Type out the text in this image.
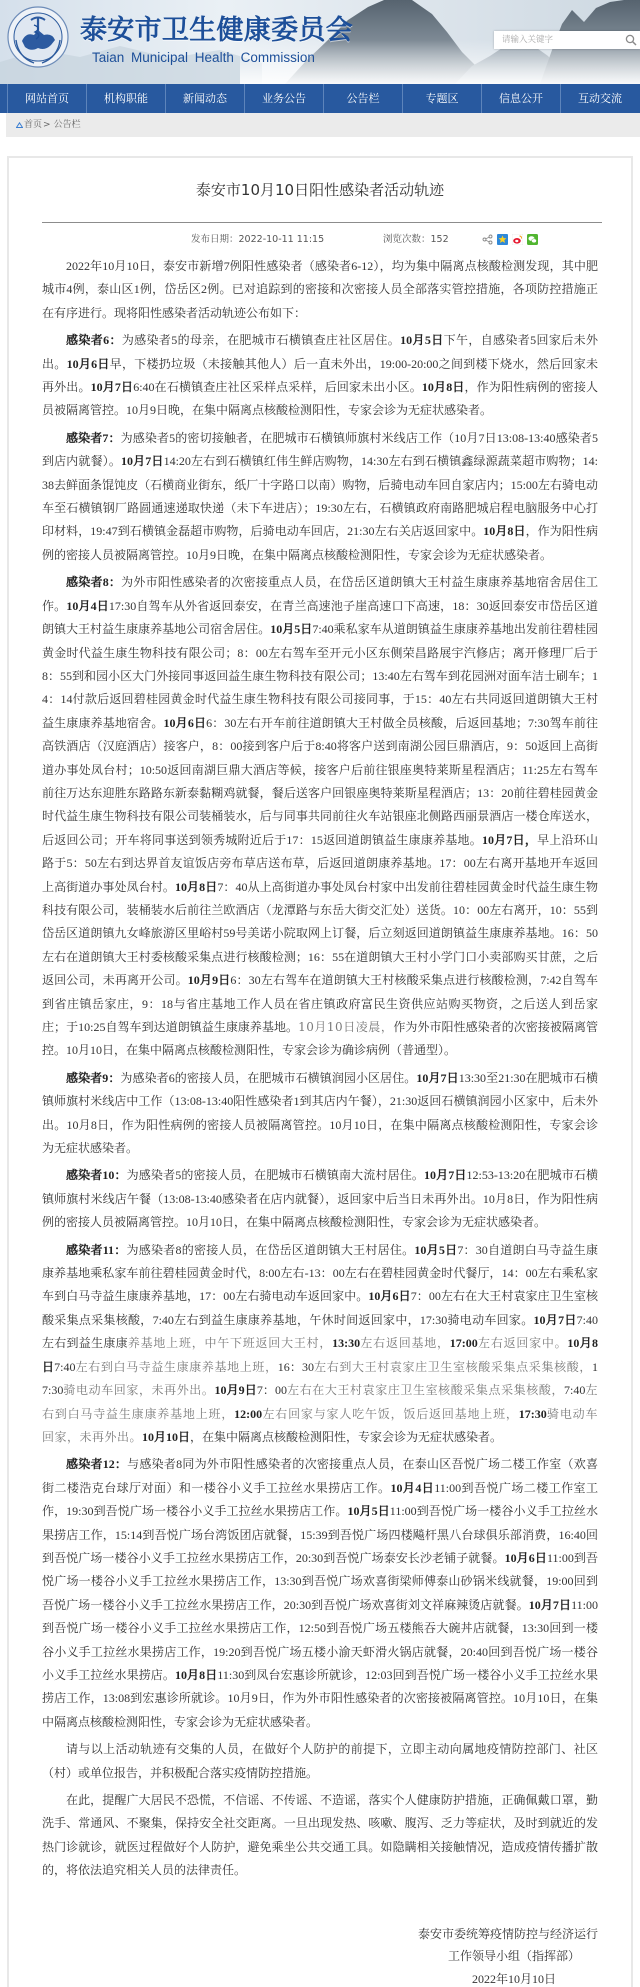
泰安市卫生健康委员会
Taian Municipal Health Commission
请输入关键字
网站首页	机构职能	新闻动态	业务公告	公告栏	专题区	信息公开	互动交流
首页 > 公告栏
泰安市10月10日阳性感染者活动轨迹
发布日期：2022-10-11 11:15	浏览次数：152

2022年10月10日，泰安市新增7例阳性感染者（感染者6-12），均为集中隔离点核酸检测发现，其中肥城市4例，泰山区1例，岱岳区2例。已对追踪到的密接和次密接人员全部落实管控措施，各项防控措施正在有序进行。现将阳性感染者活动轨迹公布如下：

感染者6：为感染者5的母亲，在肥城市石横镇查庄社区居住。10月5日下午，自感染者5回家后未外出。10月6日早，下楼扔垃圾（未接触其他人）后一直未外出，19:00-20:00之间到楼下烧水，然后回家未再外出。10月7日6:40在石横镇查庄社区采样点采样，后回家未出小区。10月8日，作为阳性病例的密接人员被隔离管控。10月9日晚，在集中隔离点核酸检测阳性，专家会诊为无症状感染者。

感染者7：为感染者5的密切接触者，在肥城市石横镇师旗村米线店工作（10月7日13:08-13:40感染者5到店内就餐）。10月7日14:20左右到石横镇红伟生鲜店购物，14:30左右到石横镇鑫绿源蔬菜超市购物；14:38去鲜面条馄饨皮（石横商业街东，纸厂十字路口以南）购物，后骑电动车回自家店内；15:00左右骑电动车至石横镇钢厂路圆通速递取快递（未下车进店）；19:30左右，石横镇政府南路肥城启程电脑服务中心打印材料，19:47到石横镇金磊超市购物，后骑电动车回店，21:30左右关店返回家中。10月8日，作为阳性病例的密接人员被隔离管控。10月9日晚，在集中隔离点核酸检测阳性，专家会诊为无症状感染者。

感染者8：为外市阳性感染者的次密接重点人员，在岱岳区道朗镇大王村益生康康养基地宿舍居住工作。10月4日17:30自驾车从外省返回泰安，在青兰高速池子崖高速口下高速，18：30返回泰安市岱岳区道朗镇大王村益生康康养基地公司宿舍居住。10月5日7:40乘私家车从道朗镇益生康康养基地出发前往碧桂园黄金时代益生康生物科技有限公司；8：00左右驾车至开元小区东侧荣昌路展宇汽修店；离开修理厂后于8：55到和园小区大门外接同事返回益生康生物科技有限公司；13:40左右驾车到花园洲对面车洁士刷车；14：14付款后返回碧桂园黄金时代益生康生物科技有限公司接同事，于15：40左右共同返回道朗镇大王村益生康康养基地宿舍。10月6日6：30左右开车前往道朗镇大王村做全员核酸，后返回基地；7:30驾车前往高铁酒店（汉庭酒店）接客户，8：00接到客户后于8:40将客户送到南湖公园巨鼎酒店，9：50返回上高街道办事处凤台村；10:50返回南湖巨鼎大酒店等候，接客户后前往银座奥特莱斯星程酒店；11:25左右驾车前往万达东迎胜东路路东新泰黏糊鸡就餐，餐后送客户回银座奥特莱斯星程酒店；13：20前往碧桂园黄金时代益生康生物科技有限公司装桶装水，后与同事共同前往火车站银座北侧路西丽景酒店一楼仓库送水，后返回公司；开车将同事送到领秀城附近后于17：15返回道朗镇益生康康养基地。10月7日，早上沿环山路于5：50左右到达界首友谊饭店旁布草店送布草，后返回道朗康养基地。17：00左右离开基地开车返回上高街道办事处凤台村。10月8日7：40从上高街道办事处凤台村家中出发前往碧桂园黄金时代益生康生物科技有限公司，装桶装水后前往兰欧酒店（龙潭路与东岳大街交汇处）送货。10：00左右离开，10：55到岱岳区道朗镇九女峰旅游区里峪村59号美诺小院取网上订餐，后立刻返回道朗镇益生康康养基地。16：50左右在道朗镇大王村委核酸采集点进行核酸检测；16：55在道朗镇大王村小学门口小卖部购买甘蔗，之后返回公司，未再离开公司。10月9日6：30左右驾车在道朗镇大王村核酸采集点进行核酸检测，7:42自驾车到省庄镇岳家庄，9：18与省庄基地工作人员在省庄镇政府富民生资供应站购买物资，之后送人到岳家庄；于10:25自驾车到达道朗镇益生康康养基地。10月10日凌晨，作为外市阳性感染者的次密接被隔离管控。10月10日，在集中隔离点核酸检测阳性，专家会诊为确诊病例（普通型）。

感染者9：为感染者6的密接人员，在肥城市石横镇润园小区居住。10月7日13:30至21:30在肥城市石横镇师旗村米线店中工作（13:08-13:40阳性感染者1到其店内午餐），21:30返回石横镇润园小区家中，后未外出。10月8日，作为阳性病例的密接人员被隔离管控。10月10日，在集中隔离点核酸检测阳性，专家会诊为无症状感染者。

感染者10：为感染者5的密接人员，在肥城市石横镇南大流村居住。10月7日12:53-13:20在肥城市石横镇师旗村米线店午餐（13:08-13:40感染者在店内就餐），返回家中后当日未再外出。10月8日，作为阳性病例的密接人员被隔离管控。10月10日，在集中隔离点核酸检测阳性，专家会诊为无症状感染者。

感染者11：为感染者8的密接人员，在岱岳区道朗镇大王村居住。10月5日7：30自道朗白马寺益生康康养基地乘私家车前往碧桂园黄金时代，8:00左右-13：00左右在碧桂园黄金时代餐厅，14：00左右乘私家车到白马寺益生康康养基地，17：00左右骑电动车返回家中。10月6日7：00左右在大王村袁家庄卫生室核酸采集点采集核酸，7:40左右到益生康康养基地，午休时间返回家中，17:30骑电动车回家。10月7日7:40左右到益生康康养基地上班，中午下班返回大王村，13:30左右返回基地，17:00左右返回家中。10月8日7:40左右到白马寺益生康康养基地上班，16：30左右到大王村袁家庄卫生室核酸采集点采集核酸，17:30骑电动车回家，未再外出。10月9日7：00左右在大王村袁家庄卫生室核酸采集点采集核酸，7:40左右到白马寺益生康康养基地上班，12:00左右回家与家人吃午饭，饭后返回基地上班，17:30骑电动车回家，未再外出。10月10日，在集中隔离点核酸检测阳性，专家会诊为无症状感染者。

感染者12：与感染者8同为外市阳性感染者的次密接重点人员，在泰山区吾悦广场二楼工作室（欢喜街二楼浩克台球厅对面）和一楼谷小义手工拉丝水果捞店工作。10月4日11:00到吾悦广场二楼工作室工作，19:30到吾悦广场一楼谷小义手工拉丝水果捞店工作。10月5日11:00到吾悦广场一楼谷小义手工拉丝水果捞店工作，15:14到吾悦广场台湾饭团店就餐，15:39到吾悦广场四楼飚杆黑八台球俱乐部消费，16:40回到吾悦广场一楼谷小义手工拉丝水果捞店工作，20:30到吾悦广场泰安长沙老铺子就餐。10月6日11:00到吾悦广场一楼谷小义手工拉丝水果捞店工作，13:30到吾悦广场欢喜街梁师傅泰山砂锅米线就餐，19:00回到吾悦广场一楼谷小义手工拉丝水果捞店工作，20:30到吾悦广场欢喜街刘文祥麻辣烫店就餐。10月7日11:00到吾悦广场一楼谷小义手工拉丝水果捞店工作，12:50到吾悦广场五楼熊吞大碗丼店就餐，13:30回到一楼谷小义手工拉丝水果捞店工作，19:20到吾悦广场五楼小渝天虾滑火锅店就餐，20:40回到吾悦广场一楼谷小义手工拉丝水果捞店。10月8日11:30到凤台宏惠诊所就诊，12:03回到吾悦广场一楼谷小义手工拉丝水果捞店工作，13:08到宏惠诊所就诊。10月9日，作为外市阳性感染者的次密接被隔离管控。10月10日，在集中隔离点核酸检测阳性，专家会诊为无症状感染者。

请与以上活动轨迹有交集的人员，在做好个人防护的前提下，立即主动向属地疫情防控部门、社区（村）或单位报告，并积极配合落实疫情防控措施。

在此，提醒广大居民不恐慌，不信谣、不传谣、不造谣，落实个人健康防护措施，正确佩戴口罩，勤洗手、常通风、不聚集，保持安全社交距离。一旦出现发热、咳嗽、腹泻、乏力等症状，及时到就近的发热门诊就诊，就医过程做好个人防护，避免乘坐公共交通工具。如隐瞒相关接触情况，造成疫情传播扩散的，将依法追究相关人员的法律责任。

泰安市委统筹疫情防控与经济运行
工作领导小组（指挥部）
2022年10月10日
